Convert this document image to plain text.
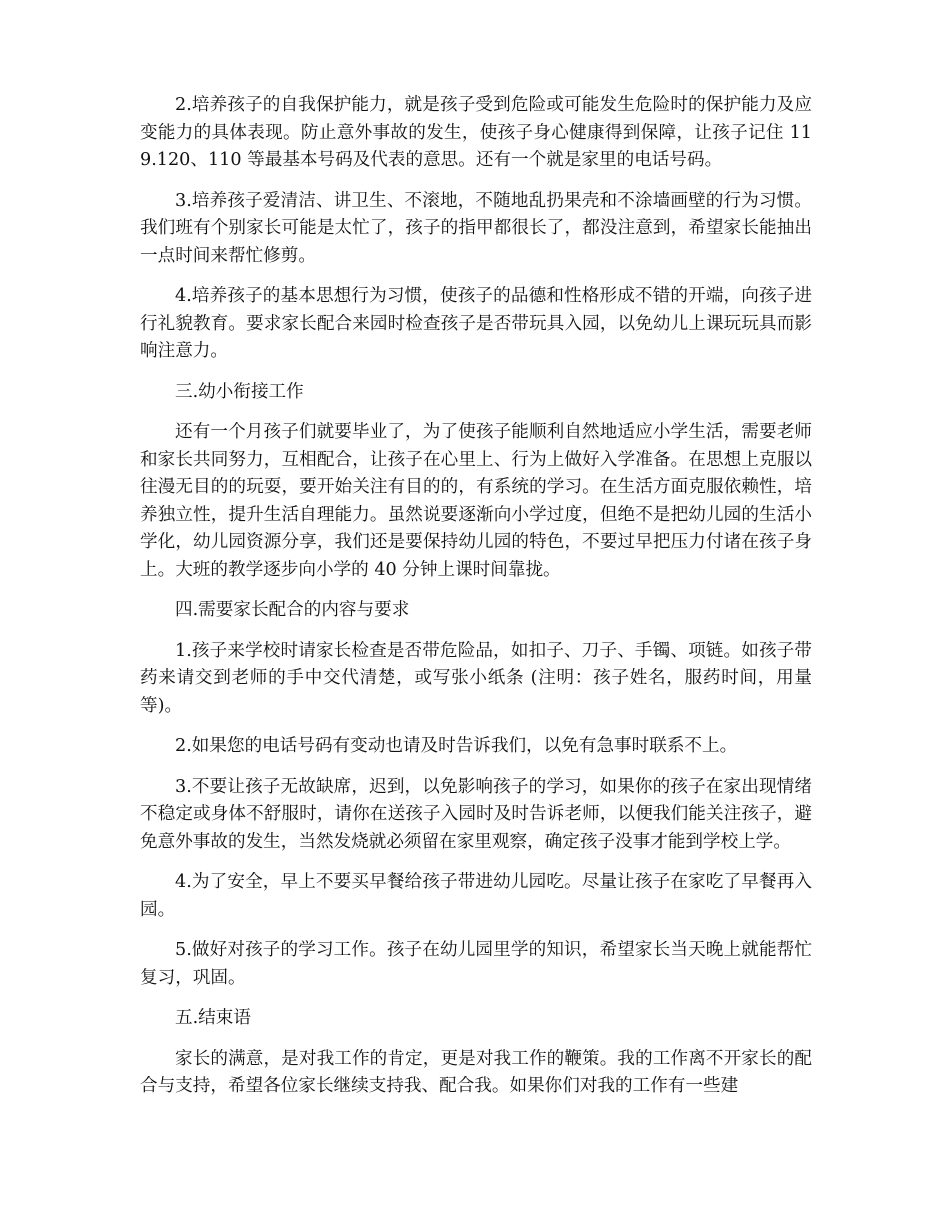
2.培养孩子的自我保护能力，就是孩子受到危险或可能发生危险时的保护能力及应变能力的具体表现。防止意外事故的发生，使孩子身心健康得到保障，让孩子记住 119.120、110 等最基本号码及代表的意思。还有一个就是家里的电话号码。

3.培养孩子爱清洁、讲卫生、不滚地，不随地乱扔果壳和不涂墙画壁的行为习惯。我们班有个别家长可能是太忙了，孩子的指甲都很长了，都没注意到，希望家长能抽出一点时间来帮忙修剪。

4.培养孩子的基本思想行为习惯，使孩子的品德和性格形成不错的开端，向孩子进行礼貌教育。要求家长配合来园时检查孩子是否带玩具入园，以免幼儿上课玩玩具而影响注意力。

三.幼小衔接工作

还有一个月孩子们就要毕业了，为了使孩子能顺利自然地适应小学生活，需要老师和家长共同努力，互相配合，让孩子在心里上、行为上做好入学准备。在思想上克服以往漫无目的的玩耍，要开始关注有目的的，有系统的学习。在生活方面克服依赖性，培养独立性，提升生活自理能力。虽然说要逐渐向小学过度，但绝不是把幼儿园的生活小学化，幼儿园资源分享，我们还是要保持幼儿园的特色，不要过早把压力付诸在孩子身上。大班的教学逐步向小学的 40 分钟上课时间靠拢。

四.需要家长配合的内容与要求

1.孩子来学校时请家长检查是否带危险品，如扣子、刀子、手镯、项链。如孩子带药来请交到老师的手中交代清楚，或写张小纸条 (注明：孩子姓名，服药时间，用量等)。

2.如果您的电话号码有变动也请及时告诉我们，以免有急事时联系不上。

3.不要让孩子无故缺席，迟到，以免影响孩子的学习，如果你的孩子在家出现情绪不稳定或身体不舒服时，请你在送孩子入园时及时告诉老师，以便我们能关注孩子，避免意外事故的发生，当然发烧就必须留在家里观察，确定孩子没事才能到学校上学。

4.为了安全，早上不要买早餐给孩子带进幼儿园吃。尽量让孩子在家吃了早餐再入园。

5.做好对孩子的学习工作。孩子在幼儿园里学的知识，希望家长当天晚上就能帮忙复习，巩固。

五.结束语

家长的满意，是对我工作的肯定，更是对我工作的鞭策。我的工作离不开家长的配合与支持，希望各位家长继续支持我、配合我。如果你们对我的工作有一些建
